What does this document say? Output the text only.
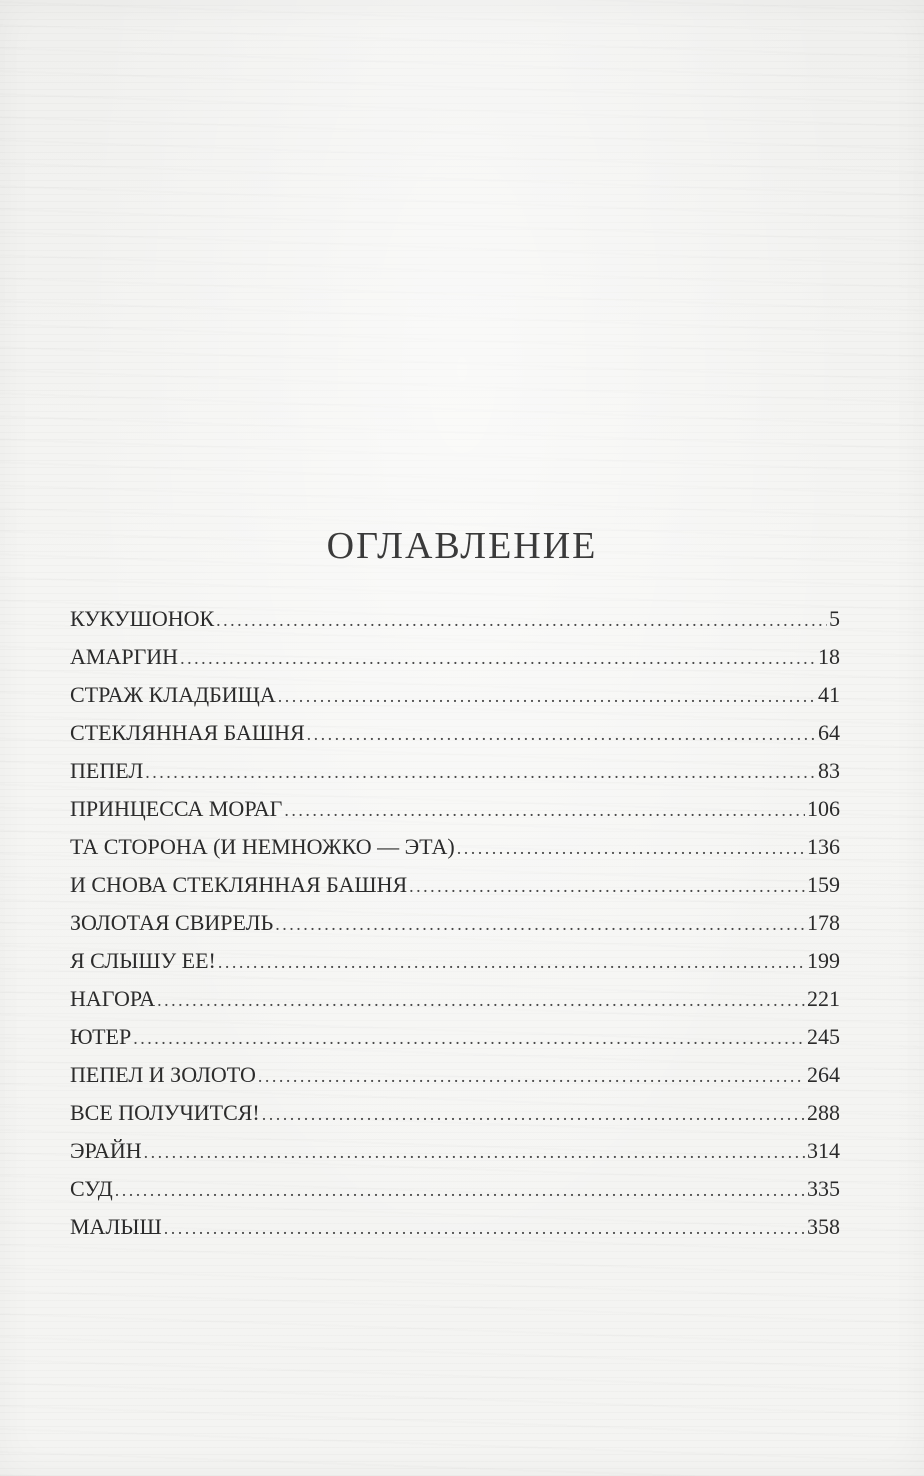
ОГЛАВЛЕНИЕ
КУКУШОНОК . . .	5
АМАРГИН . . .	18
СТРАЖ КЛАДБИЩА . . .	41
СТЕКЛЯННАЯ БАШНЯ . . .	64
ПЕПЕЛ . . .	83
ПРИНЦЕССА МОРАГ . . .	106
ТА СТОРОНА (И НЕМНОЖКО — ЭТА) . . .	136
И СНОВА СТЕКЛЯННАЯ БАШНЯ . . .	159
ЗОЛОТАЯ СВИРЕЛЬ . . .	178
Я СЛЫШУ ЕЕ! . . .	199
НАГОРА . . .	221
ЮТЕР . . .	245
ПЕПЕЛ И ЗОЛОТО . . .	264
ВСЕ ПОЛУЧИТСЯ! . . .	288
ЭРАЙН . . .	314
СУД . . .	335
МАЛЫШ . . .	358
